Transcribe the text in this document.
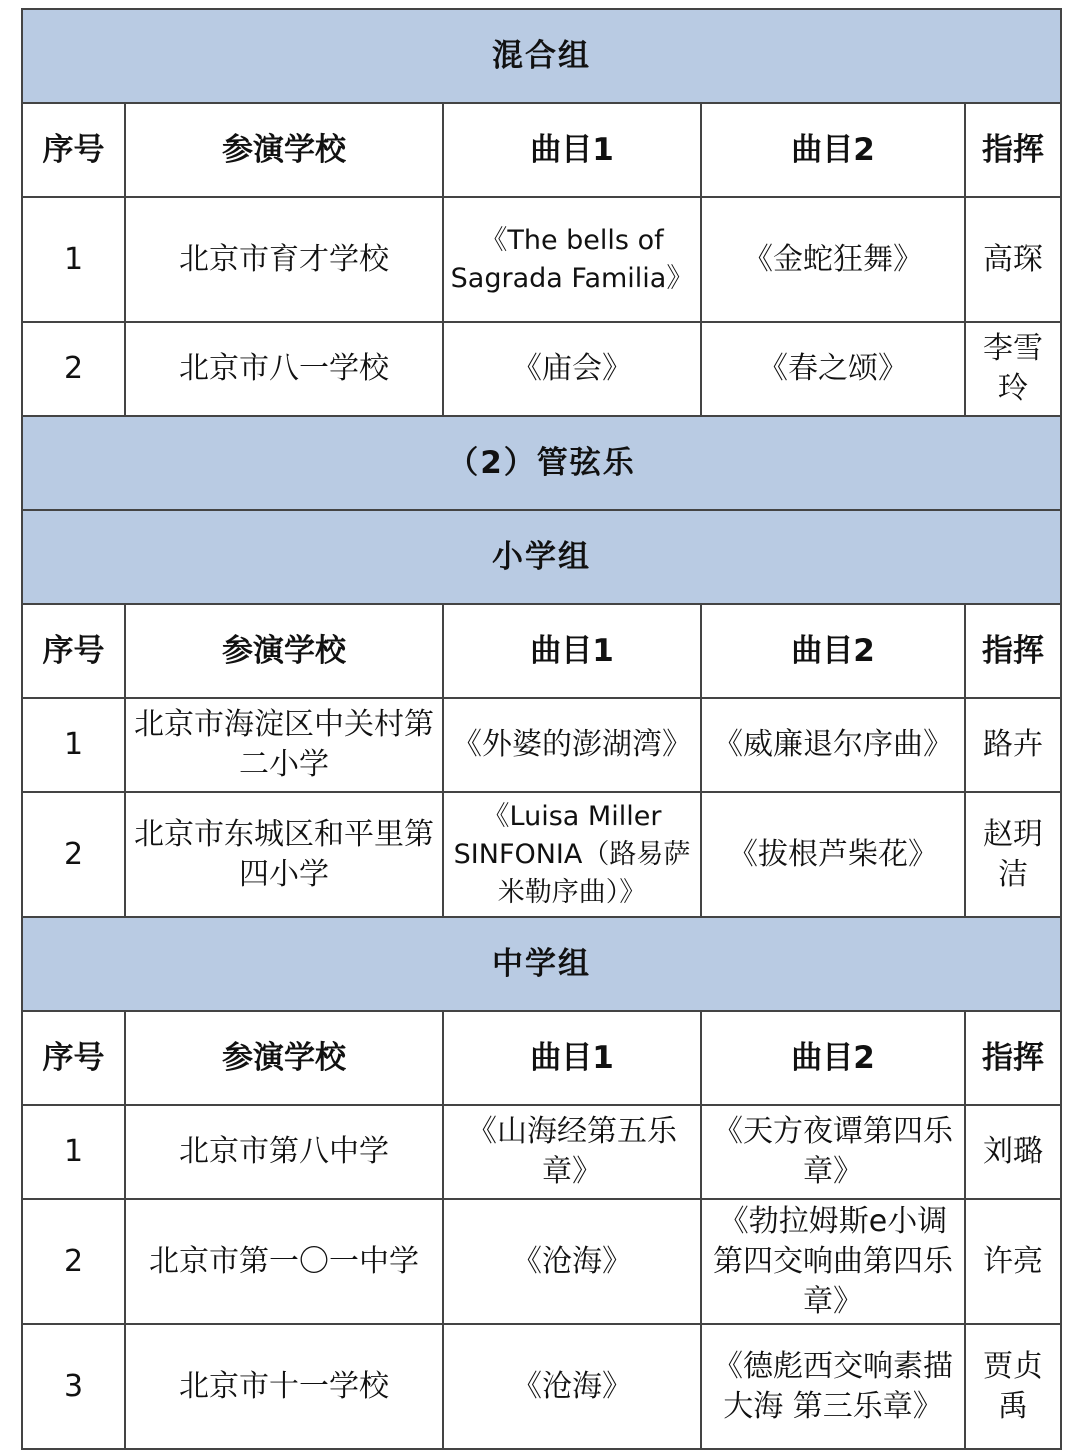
混合组				
序号	参演学校	曲目1	曲目2	指挥
1	北京市育才学校	《The bells of Sagrada Familia》	《金蛇狂舞》	高琛
2	北京市八一学校	《庙会》	《春之颂》	李雪玲
（2）管弦乐				
小学组				
序号	参演学校	曲目1	曲目2	指挥
1	北京市海淀区中关村第二小学	《外婆的澎湖湾》	《威廉退尔序曲》	路卉
2	北京市东城区和平里第四小学	《Luisa Miller SINFONIA（路易萨米勒序曲）》	《拔根芦柴花》	赵玥洁
中学组				
序号	参演学校	曲目1	曲目2	指挥
1	北京市第八中学	《山海经第五乐章》	《天方夜谭第四乐章》	刘璐
2	北京市第一〇一中学	《沧海》	《勃拉姆斯e小调第四交响曲第四乐章》	许亮
3	北京市十一学校	《沧海》	《德彪西交响素描 大海 第三乐章》	贾贞禹
